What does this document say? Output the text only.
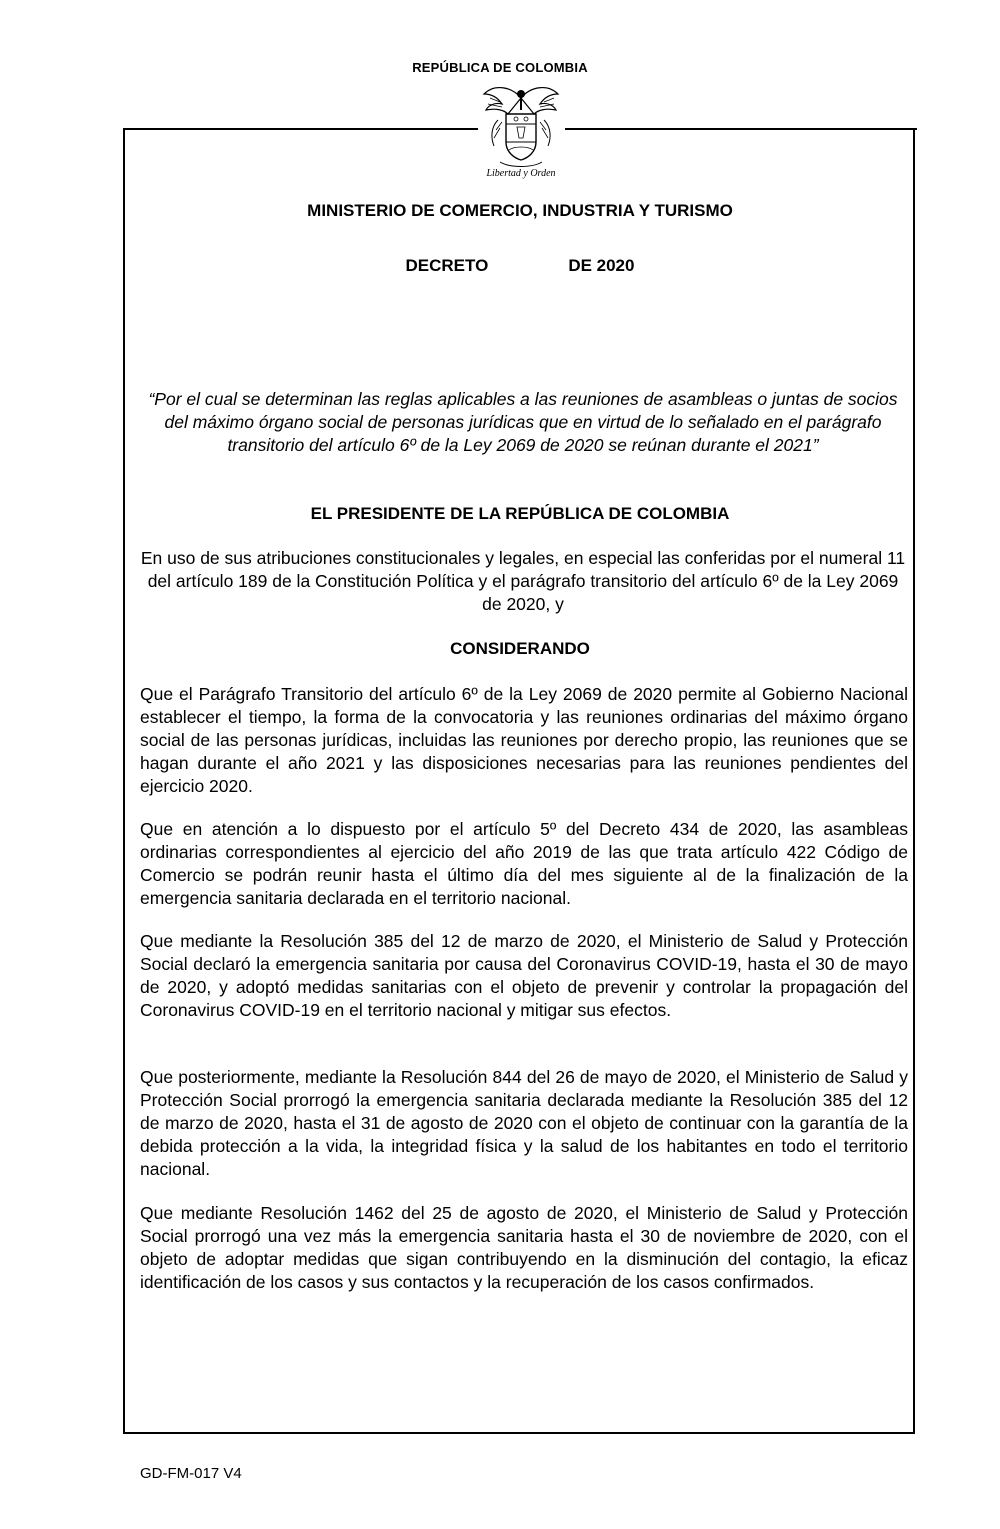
REPÚBLICA DE COLOMBIA
Libertad y Orden
MINISTERIO DE COMERCIO, INDUSTRIA Y TURISMO
DECRETO	DE 2020
“Por el cual se determinan las reglas aplicables a las reuniones de asambleas o juntas de socios del máximo órgano social de personas jurídicas que en virtud de lo señalado en el parágrafo transitorio del artículo 6º de la Ley 2069 de 2020 se reúnan durante el 2021”
EL PRESIDENTE DE LA REPÚBLICA DE COLOMBIA
En uso de sus atribuciones constitucionales y legales, en especial las conferidas por el numeral 11 del artículo 189 de la Constitución Política y el parágrafo transitorio del artículo 6º de la Ley 2069 de 2020, y
CONSIDERANDO
Que el Parágrafo Transitorio del artículo 6º de la Ley 2069 de 2020 permite al Gobierno Nacional establecer el tiempo, la forma de la convocatoria y las reuniones ordinarias del máximo órgano social de las personas jurídicas, incluidas las reuniones por derecho propio, las reuniones que se hagan durante el año 2021 y las disposiciones necesarias para las reuniones pendientes del ejercicio 2020.
Que en atención a lo dispuesto por el artículo 5º del Decreto 434 de 2020, las asambleas ordinarias correspondientes al ejercicio del año 2019 de las que trata artículo 422 Código de Comercio se podrán reunir hasta el último día del mes siguiente al de la finalización de la emergencia sanitaria declarada en el territorio nacional.
Que mediante la Resolución 385 del 12 de marzo de 2020, el Ministerio de Salud y Protección Social declaró la emergencia sanitaria por causa del Coronavirus COVID-19, hasta el 30 de mayo de 2020, y adoptó medidas sanitarias con el objeto de prevenir y controlar la propagación del Coronavirus COVID-19 en el territorio nacional y mitigar sus efectos.
Que posteriormente, mediante la Resolución 844 del 26 de mayo de 2020, el Ministerio de Salud y Protección Social prorrogó la emergencia sanitaria declarada mediante la Resolución 385 del 12 de marzo de 2020, hasta el 31 de agosto de 2020 con el objeto de continuar con la garantía de la debida protección a la vida, la integridad física y la salud de los habitantes en todo el territorio nacional.
Que mediante Resolución 1462 del 25 de agosto de 2020, el Ministerio de Salud y Protección Social prorrogó una vez más la emergencia sanitaria hasta el 30 de noviembre de 2020, con el objeto de adoptar medidas que sigan contribuyendo en la disminución del contagio, la eficaz identificación de los casos y sus contactos y la recuperación de los casos confirmados.
GD-FM-017 V4
